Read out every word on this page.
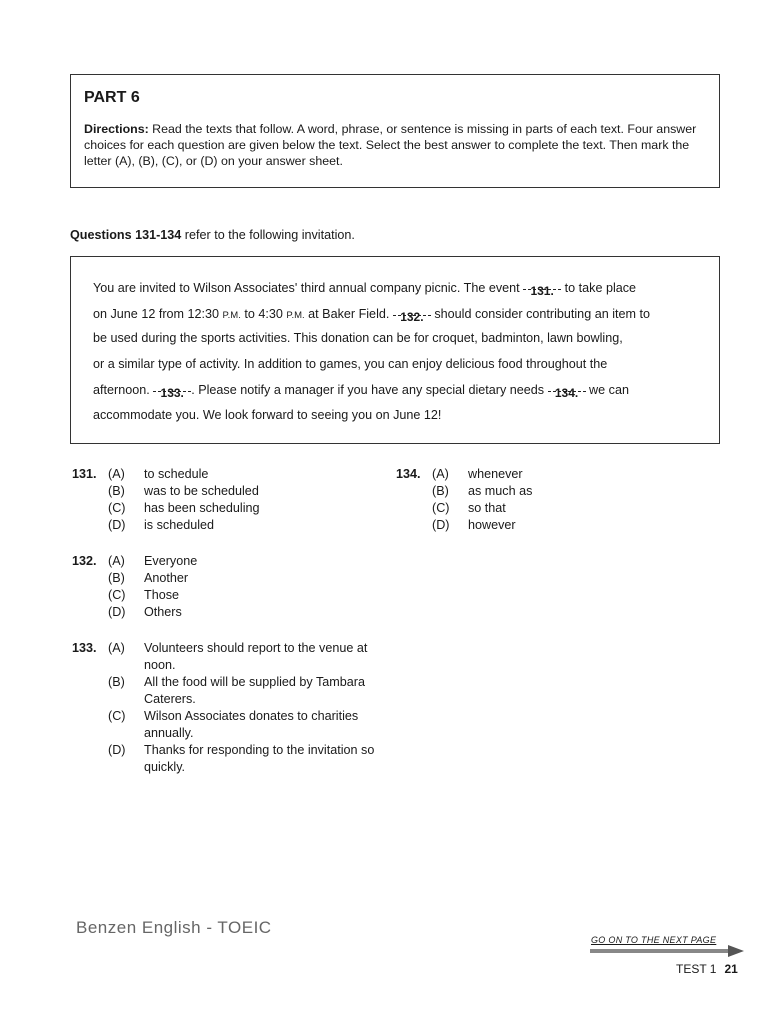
PART 6

Directions: Read the texts that follow. A word, phrase, or sentence is missing in parts of each text. Four answer choices for each question are given below the text. Select the best answer to complete the text. Then mark the letter (A), (B), (C), or (D) on your answer sheet.

Questions 131-134 refer to the following invitation.
You are invited to Wilson Associates' third annual company picnic. The event 131. to take place
on June 12 from 12:30 P.M. to 4:30 P.M. at Baker Field. 132. should consider contributing an item to
be used during the sports activities. This donation can be for croquet, badminton, lawn bowling,
or a similar type of activity. In addition to games, you can enjoy delicious food throughout the
afternoon. 133. . Please notify a manager if you have any special dietary needs 134. we can
accommodate you. We look forward to seeing you on June 12!
131. (A)	to schedule
(B)	was to be scheduled
(C)	has been scheduling
(D)	is scheduled
134. (A)	whenever
(B)	as much as
(C)	so that
(D)	however
132. (A)	Everyone
(B)	Another
(C)	Those
(D)	Others
133. (A)	Volunteers should report to the venue at noon.
(B)	All the food will be supplied by Tambara Caterers.
(C)	Wilson Associates donates to charities annually.
(D)	Thanks for responding to the invitation so quickly.
Benzen English - TOEIC
GO ON TO THE NEXT PAGE
TEST 1 21
